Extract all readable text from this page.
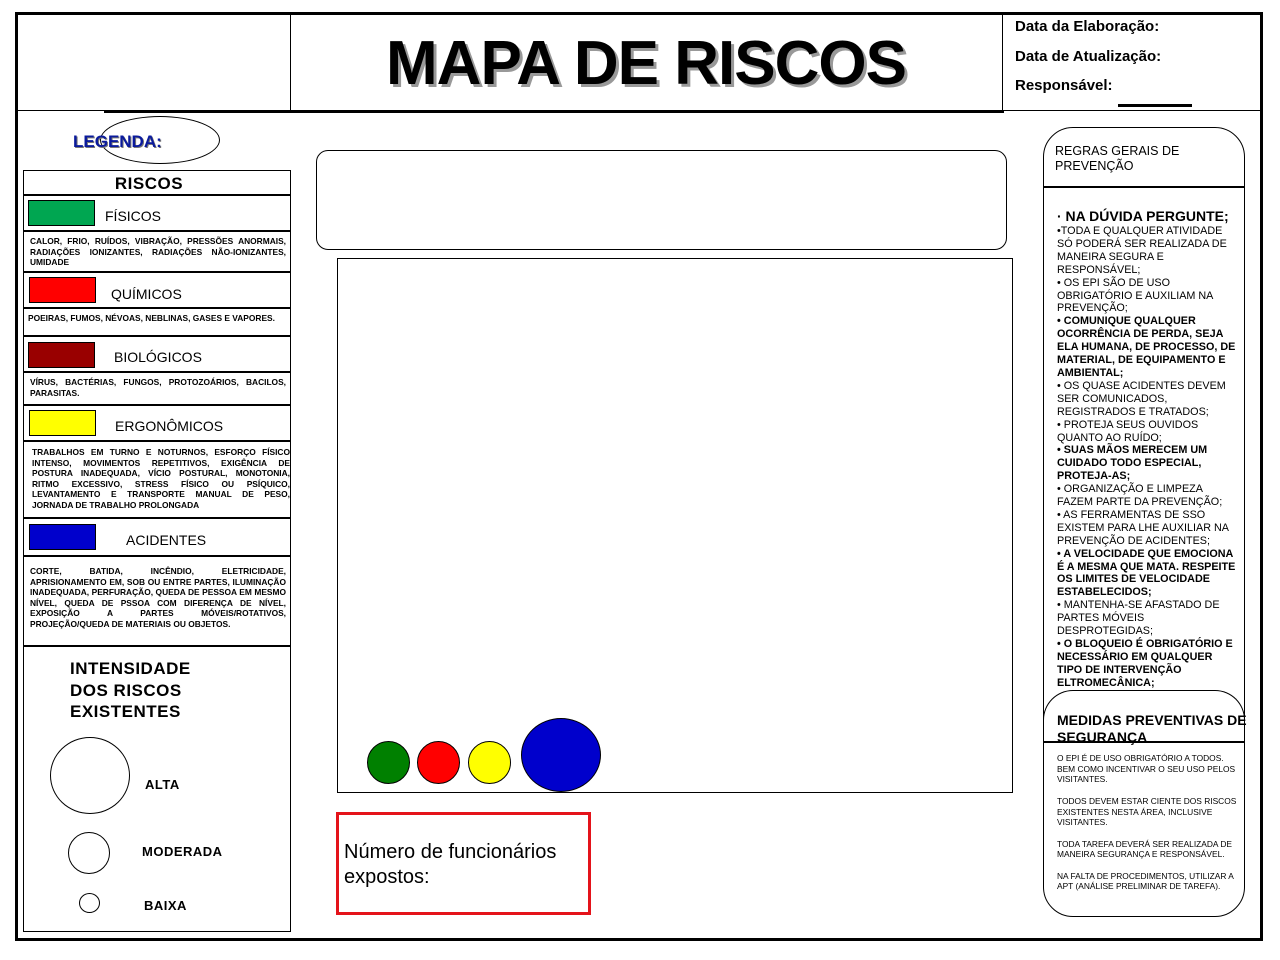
MAPA DE RISCOS
Data da Elaboração:
Data de Atualização:
Responsável:
LEGENDA:
RISCOS
FÍSICOS
CALOR, FRIO, RUÍDOS, VIBRAÇÃO, PRESSÕES ANORMAIS, RADIAÇÕES IONIZANTES, RADIAÇÕES NÃO-IONIZANTES, UMIDADE
QUÍMICOS
POEIRAS, FUMOS, NÉVOAS, NEBLINAS, GASES E VAPORES.
BIOLÓGICOS
VÍRUS, BACTÉRIAS, FUNGOS, PROTOZOÁRIOS, BACILOS, PARASITAS.
ERGONÔMICOS
TRABALHOS EM TURNO E NOTURNOS, ESFORÇO FÍSICO INTENSO, MOVIMENTOS REPETITIVOS, EXIGÊNCIA DE POSTURA INADEQUADA, VÍCIO POSTURAL, MONOTONIA, RITMO EXCESSIVO, STRESS FÍSICO OU PSÍQUICO, LEVANTAMENTO E TRANSPORTE MANUAL DE PESO, JORNADA DE TRABALHO PROLONGADA
ACIDENTES
CORTE, BATIDA, INCÊNDIO, ELETRICIDADE, APRISIONAMENTO EM, SOB OU ENTRE PARTES, ILUMINAÇÃO INADEQUADA, PERFURAÇÃO, QUEDA DE PESSOA EM MESMO NÍVEL, QUEDA DE PSSOA COM DIFERENÇA DE NÍVEL, EXPOSIÇÃO A PARTES MÓVEIS/ROTATIVOS, PROJEÇÃO/QUEDA DE MATERIAIS OU OBJETOS.
INTENSIDADE
DOS RISCOS
EXISTENTES
ALTA
MODERADA
BAIXA
Número de funcionários
expostos:
REGRAS GERAIS DE
PREVENÇÃO
· NA DÚVIDA PERGUNTE;
•TODA E QUALQUER ATIVIDADE SÓ PODERÁ SER REALIZADA DE MANEIRA SEGURA E RESPONSÁVEL;
• OS EPI SÃO DE USO OBRIGATÓRIO E AUXILIAM NA PREVENÇÃO;
• COMUNIQUE QUALQUER OCORRÊNCIA DE PERDA, SEJA ELA HUMANA, DE PROCESSO, DE MATERIAL, DE EQUIPAMENTO E AMBIENTAL;
• OS QUASE ACIDENTES DEVEM SER COMUNICADOS, REGISTRADOS E TRATADOS;
• PROTEJA SEUS OUVIDOS QUANTO AO RUÍDO;
• SUAS MÃOS MERECEM UM CUIDADO TODO ESPECIAL, PROTEJA-AS;
• ORGANIZAÇÃO E LIMPEZA FAZEM PARTE DA PREVENÇÃO;
• AS FERRAMENTAS DE SSO EXISTEM PARA LHE AUXILIAR NA PREVENÇÃO DE ACIDENTES;
• A VELOCIDADE QUE EMOCIONA É A MESMA QUE MATA. RESPEITE OS LIMITES DE VELOCIDADE ESTABELECIDOS;
• MANTENHA-SE AFASTADO DE PARTES MÓVEIS DESPROTEGIDAS;
• O BLOQUEIO É OBRIGATÓRIO E NECESSÁRIO EM QUALQUER TIPO DE INTERVENÇÃO ELTROMECÂNICA;
MEDIDAS PREVENTIVAS DE SEGURANÇA

O EPI É DE USO OBRIGATÓRIO A TODOS. BEM COMO INCENTIVAR O SEU USO PELOS VISITANTES.

TODOS DEVEM ESTAR CIENTE DOS RISCOS EXISTENTES NESTA ÁREA, INCLUSIVE VISITANTES.

TODA TAREFA DEVERÁ SER REALIZADA DE MANEIRA SEGURANÇA E RESPONSÁVEL.

NA FALTA DE PROCEDIMENTOS, UTILIZAR A APT (ANÁLISE PRELIMINAR DE TAREFA).
